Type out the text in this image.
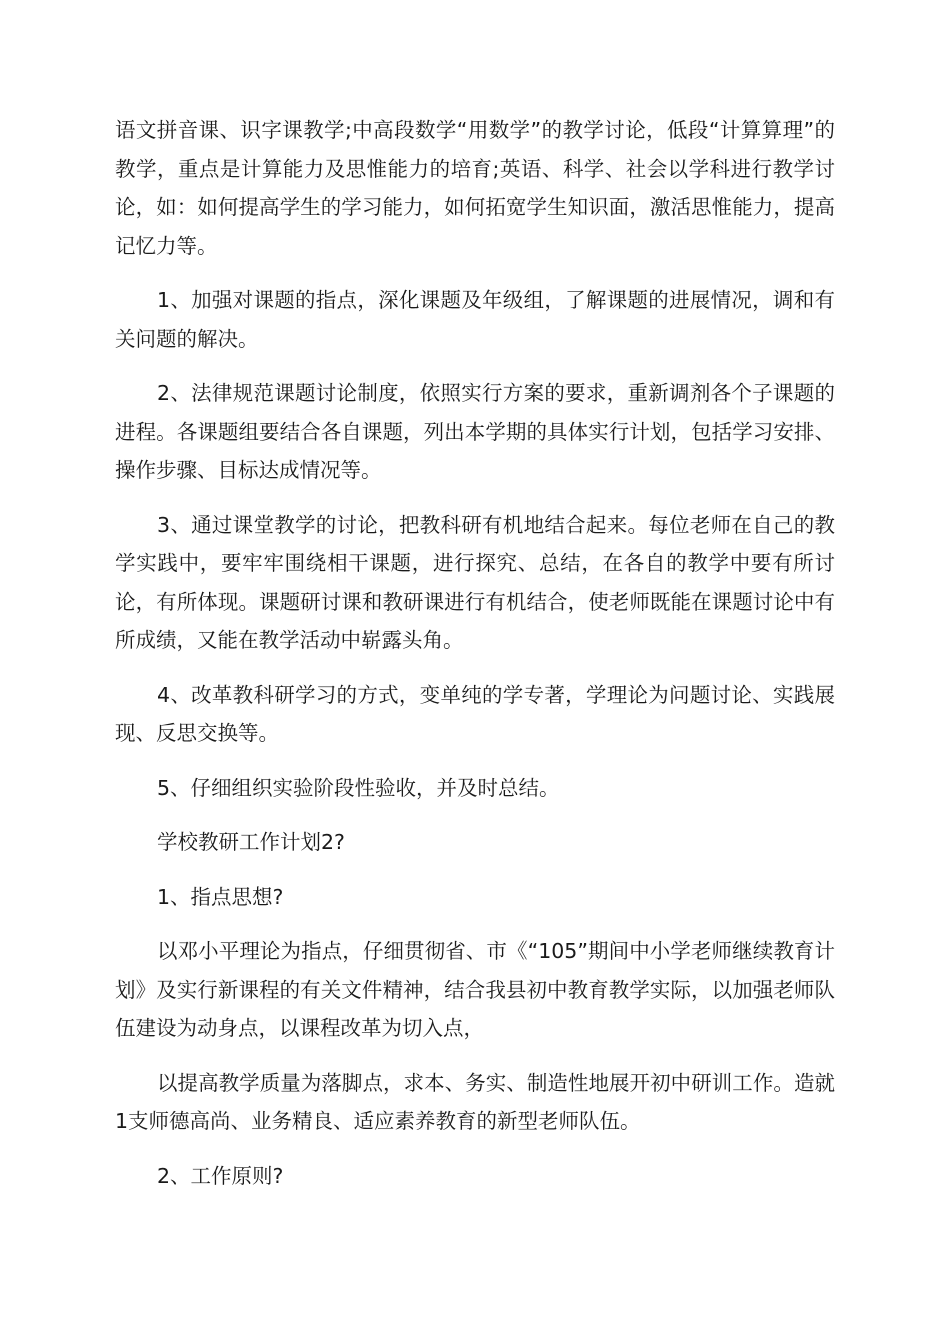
语文拼音课、识字课教学;中高段数学“用数学”的教学讨论，低段“计算算理”的教学，重点是计算能力及思惟能力的培育;英语、科学、社会以学科进行教学讨论，如：如何提高学生的学习能力，如何拓宽学生知识面，激活思惟能力，提高记忆力等。

1、加强对课题的指点，深化课题及年级组，了解课题的进展情况，调和有关问题的解决。

2、法律规范课题讨论制度，依照实行方案的要求，重新调剂各个子课题的进程。各课题组要结合各自课题，列出本学期的具体实行计划，包括学习安排、操作步骤、目标达成情况等。

3、通过课堂教学的讨论，把教科研有机地结合起来。每位老师在自己的教学实践中，要牢牢围绕相干课题，进行探究、总结，在各自的教学中要有所讨论，有所体现。课题研讨课和教研课进行有机结合，使老师既能在课题讨论中有所成绩，又能在教学活动中崭露头角。

4、改革教科研学习的方式，变单纯的学专著，学理论为问题讨论、实践展现、反思交换等。

5、仔细组织实验阶段性验收，并及时总结。

学校教研工作计划2?

1、指点思想?

以邓小平理论为指点，仔细贯彻省、市《“105”期间中小学老师继续教育计划》及实行新课程的有关文件精神，结合我县初中教育教学实际，以加强老师队伍建设为动身点，以课程改革为切入点，

以提高教学质量为落脚点，求本、务实、制造性地展开初中研训工作。造就1支师德高尚、业务精良、适应素养教育的新型老师队伍。

2、工作原则?
